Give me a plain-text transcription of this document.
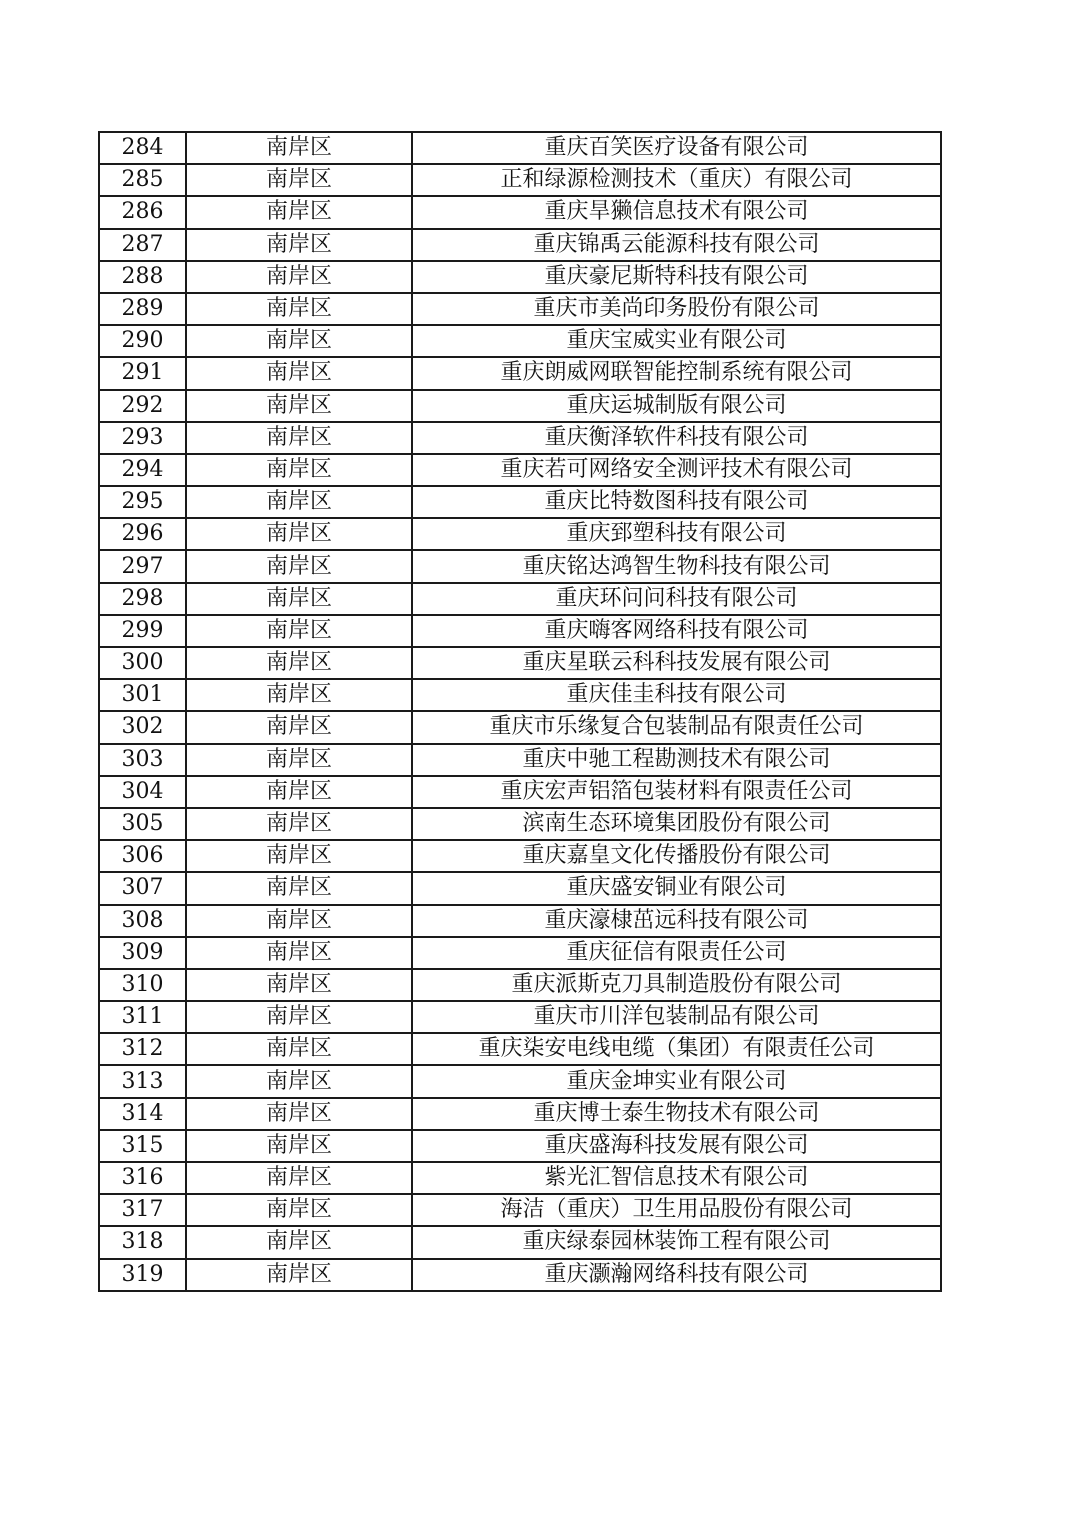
284	南岸区	重庆百笑医疗设备有限公司
285	南岸区	正和绿源检测技术（重庆）有限公司
286	南岸区	重庆旱獭信息技术有限公司
287	南岸区	重庆锦禹云能源科技有限公司
288	南岸区	重庆豪尼斯特科技有限公司
289	南岸区	重庆市美尚印务股份有限公司
290	南岸区	重庆宝威实业有限公司
291	南岸区	重庆朗威网联智能控制系统有限公司
292	南岸区	重庆运城制版有限公司
293	南岸区	重庆衡泽软件科技有限公司
294	南岸区	重庆若可网络安全测评技术有限公司
295	南岸区	重庆比特数图科技有限公司
296	南岸区	重庆郅塑科技有限公司
297	南岸区	重庆铭达鸿智生物科技有限公司
298	南岸区	重庆环问问科技有限公司
299	南岸区	重庆嗨客网络科技有限公司
300	南岸区	重庆星联云科科技发展有限公司
301	南岸区	重庆佳圭科技有限公司
302	南岸区	重庆市乐缘复合包装制品有限责任公司
303	南岸区	重庆中驰工程勘测技术有限公司
304	南岸区	重庆宏声铝箔包装材料有限责任公司
305	南岸区	滨南生态环境集团股份有限公司
306	南岸区	重庆嘉皇文化传播股份有限公司
307	南岸区	重庆盛安铜业有限公司
308	南岸区	重庆濠棣茁远科技有限公司
309	南岸区	重庆征信有限责任公司
310	南岸区	重庆派斯克刀具制造股份有限公司
311	南岸区	重庆市川洋包装制品有限公司
312	南岸区	重庆柒安电线电缆（集团）有限责任公司
313	南岸区	重庆金坤实业有限公司
314	南岸区	重庆博士泰生物技术有限公司
315	南岸区	重庆盛海科技发展有限公司
316	南岸区	紫光汇智信息技术有限公司
317	南岸区	海洁（重庆）卫生用品股份有限公司
318	南岸区	重庆绿泰园林装饰工程有限公司
319	南岸区	重庆灏瀚网络科技有限公司
